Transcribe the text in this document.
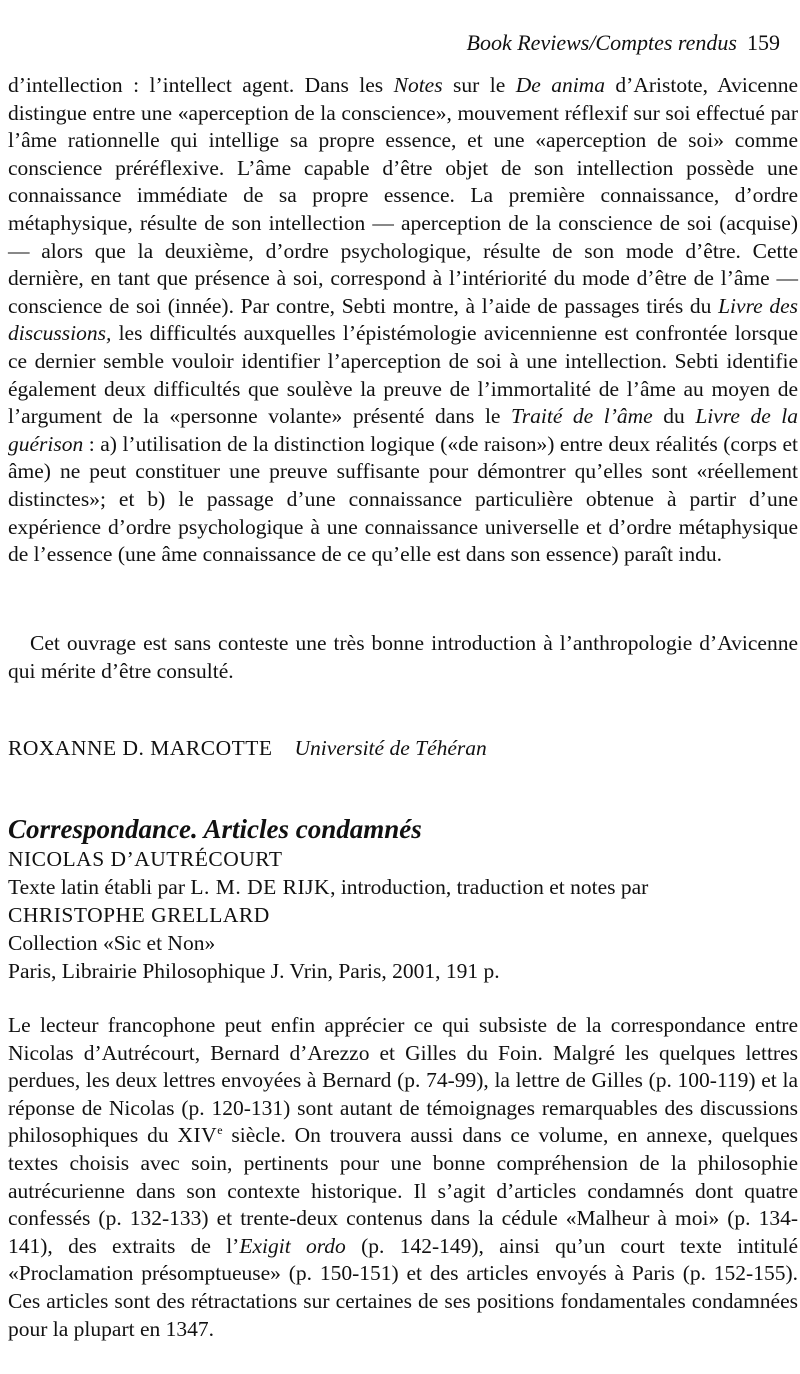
Book Reviews/Comptes rendus 159

d’intellection : l’intellect agent. Dans les Notes sur le De anima d’Aristote, Avicenne distingue entre une «aperception de la conscience», mouvement réflexif sur soi effectué par l’âme rationnelle qui intellige sa propre essence, et une «aperception de soi» comme conscience préréflexive. L’âme capable d’être objet de son intellection possède une connaissance immédiate de sa propre essence. La première connaissance, d’ordre métaphysique, résulte de son intellection — aperception de la conscience de soi (acquise) — alors que la deuxième, d’ordre psychologique, résulte de son mode d’être. Cette dernière, en tant que présence à soi, correspond à l’intériorité du mode d’être de l’âme — conscience de soi (innée). Par contre, Sebti montre, à l’aide de passages tirés du Livre des discussions, les difficultés auxquelles l’épistémologie avicennienne est confrontée lorsque ce dernier semble vouloir identifier l’aperception de soi à une intellection. Sebti identifie également deux difficultés que soulève la preuve de l’immortalité de l’âme au moyen de l’argument de la «personne volante» présenté dans le Traité de l’âme du Livre de la guérison : a) l’utilisation de la distinction logique («de raison») entre deux réalités (corps et âme) ne peut constituer une preuve suffisante pour démontrer qu’elles sont «réellement distinctes»; et b) le passage d’une connaissance particulière obtenue à partir d’une expérience d’ordre psychologique à une connaissance universelle et d’ordre métaphysique de l’essence (une âme connaissance de ce qu’elle est dans son essence) paraît indu.

Cet ouvrage est sans conteste une très bonne introduction à l’anthropologie d’Avicenne qui mérite d’être consulté.

ROXANNE D. MARCOTTE Université de Téhéran
Correspondance. Articles condamnés
NICOLAS D’AUTRÉCOURT
Texte latin établi par L. M. DE RIJK, introduction, traduction et notes par
CHRISTOPHE GRELLARD
Collection «Sic et Non»
Paris, Librairie Philosophique J. Vrin, Paris, 2001, 191 p.

Le lecteur francophone peut enfin apprécier ce qui subsiste de la correspondance entre Nicolas d’Autrécourt, Bernard d’Arezzo et Gilles du Foin. Malgré les quelques lettres perdues, les deux lettres envoyées à Bernard (p. 74-99), la lettre de Gilles (p. 100-119) et la réponse de Nicolas (p. 120-131) sont autant de témoignages remarquables des discussions philosophiques du XIVe siècle. On trouvera aussi dans ce volume, en annexe, quelques textes choisis avec soin, pertinents pour une bonne compréhension de la philosophie autrécurienne dans son contexte historique. Il s’agit d’articles condamnés dont quatre confessés (p. 132-133) et trente-deux contenus dans la cédule «Malheur à moi» (p. 134-141), des extraits de l’Exigit ordo (p. 142-149), ainsi qu’un court texte intitulé «Proclamation présomptueuse» (p. 150-151) et des articles envoyés à Paris (p. 152-155). Ces articles sont des rétractations sur certaines de ses positions fondamentales condamnées pour la plupart en 1347.
